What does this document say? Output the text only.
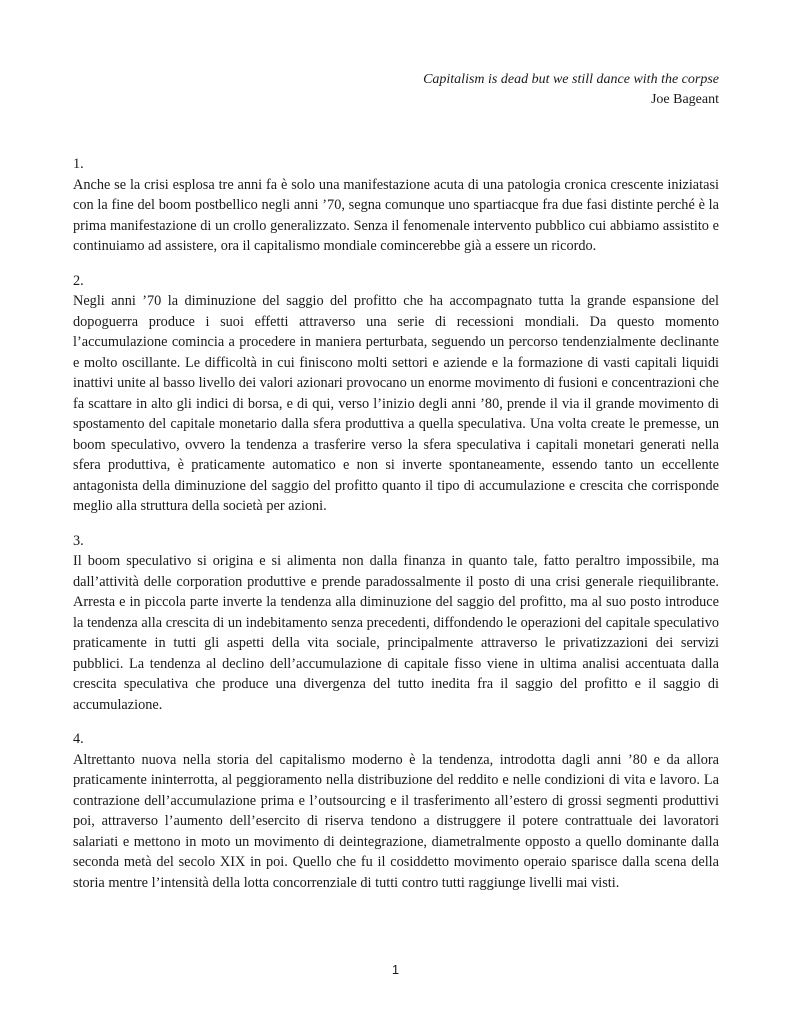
Capitalism is dead but we still dance with the corpse
Joe Bageant
1.

Anche se la crisi esplosa tre anni fa è solo una manifestazione acuta di una patologia cronica crescente iniziatasi con la fine del boom postbellico negli anni ’70, segna comunque uno spartiacque fra due fasi distinte perché è la prima manifestazione di un crollo generalizzato. Senza il fenomenale intervento pubblico cui abbiamo assistito e continuiamo ad assistere, ora il capitalismo mondiale comincerebbe già a essere un ricordo.

2.

Negli anni ’70 la diminuzione del saggio del profitto che ha accompagnato tutta la grande espansione del dopoguerra produce i suoi effetti attraverso una serie di recessioni mondiali. Da questo momento l’accumulazione comincia a procedere in maniera perturbata, seguendo un percorso tendenzialmente declinante e molto oscillante. Le difficoltà in cui finiscono molti settori e aziende e la formazione di vasti capitali liquidi inattivi unite al basso livello dei valori azionari provocano un enorme movimento di fusioni e concentrazioni che fa scattare in alto gli indici di borsa, e di qui, verso l’inizio degli anni ’80, prende il via il grande movimento di spostamento del capitale monetario dalla sfera produttiva a quella speculativa. Una volta create le premesse, un boom speculativo, ovvero la tendenza a trasferire verso la sfera speculativa i capitali monetari generati nella sfera produttiva, è praticamente automatico e non si inverte spontaneamente, essendo tanto un eccellente antagonista della diminuzione del saggio del profitto quanto il tipo di accumulazione e crescita che corrisponde meglio alla struttura della società per azioni.

3.

Il boom speculativo si origina e si alimenta non dalla finanza in quanto tale, fatto peraltro impossibile, ma dall’attività delle corporation produttive e prende paradossalmente il posto di una crisi generale riequilibrante. Arresta e in piccola parte inverte la tendenza alla diminuzione del saggio del profitto, ma al suo posto introduce la tendenza alla crescita di un indebitamento senza precedenti, diffondendo le operazioni del capitale speculativo praticamente in tutti gli aspetti della vita sociale, principalmente attraverso le privatizzazioni dei servizi pubblici. La tendenza al declino dell’accumulazione di capitale fisso viene in ultima analisi accentuata dalla crescita speculativa che produce una divergenza del tutto inedita fra il saggio del profitto e il saggio di accumulazione.

4.

Altrettanto nuova nella storia del capitalismo moderno è la tendenza, introdotta dagli anni ’80 e da allora praticamente ininterrotta, al peggioramento nella distribuzione del reddito e nelle condizioni di vita e lavoro. La contrazione dell’accumulazione prima e l’outsourcing e il trasferimento all’estero di grossi segmenti produttivi poi, attraverso l’aumento dell’esercito di riserva tendono a distruggere il potere contrattuale dei lavoratori salariati e mettono in moto un movimento di deintegrazione, diametralmente opposto a quello dominante dalla seconda metà del secolo XIX in poi. Quello che fu il cosiddetto movimento operaio sparisce dalla scena della storia mentre l’intensità della lotta concorrenziale di tutti contro tutti raggiunge livelli mai visti.

1
